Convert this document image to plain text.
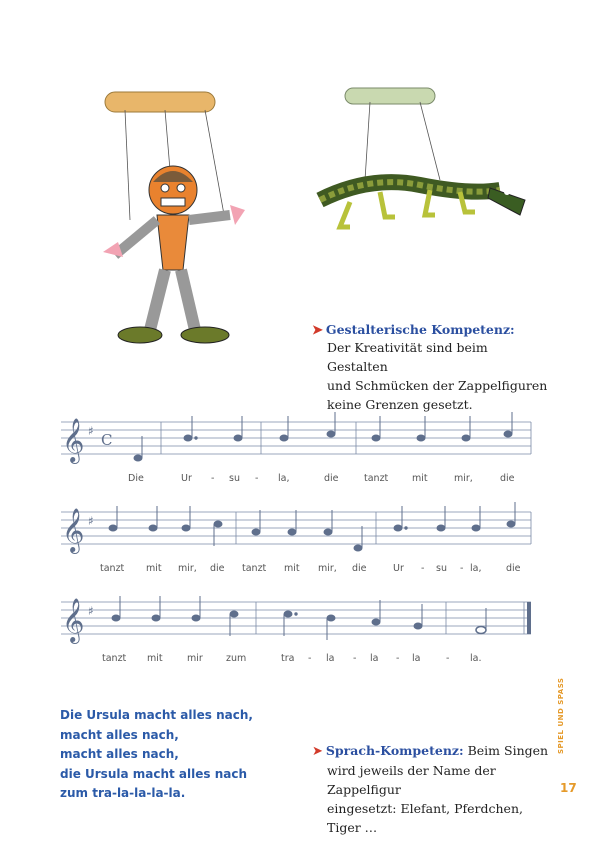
➤ Gestalterische Kompetenz:
Der Kreativität sind beim Gestalten
und Schmücken der Zappelfiguren
keine Grenzen gesetzt.
𝄞 ♯ C
Die	Ur - su - la,	die	tanzt mit	mir,	die
𝄞 ♯
tanzt mit mir, die tanzt mit mir, die	Ur - su - la,	die
𝄞 ♯
tanzt mit	mir zum	tra - la - la - la	- la.
Die Ursula macht alles nach,
macht alles nach,
macht alles nach,
die Ursula macht alles nach
zum tra-la-la-la-la.
➤ Sprach-Kompetenz: Beim Singen
wird jeweils der Name der Zappelfigur
eingesetzt: Elefant, Pferdchen, Tiger …
SPIEL UND SPASS
17
